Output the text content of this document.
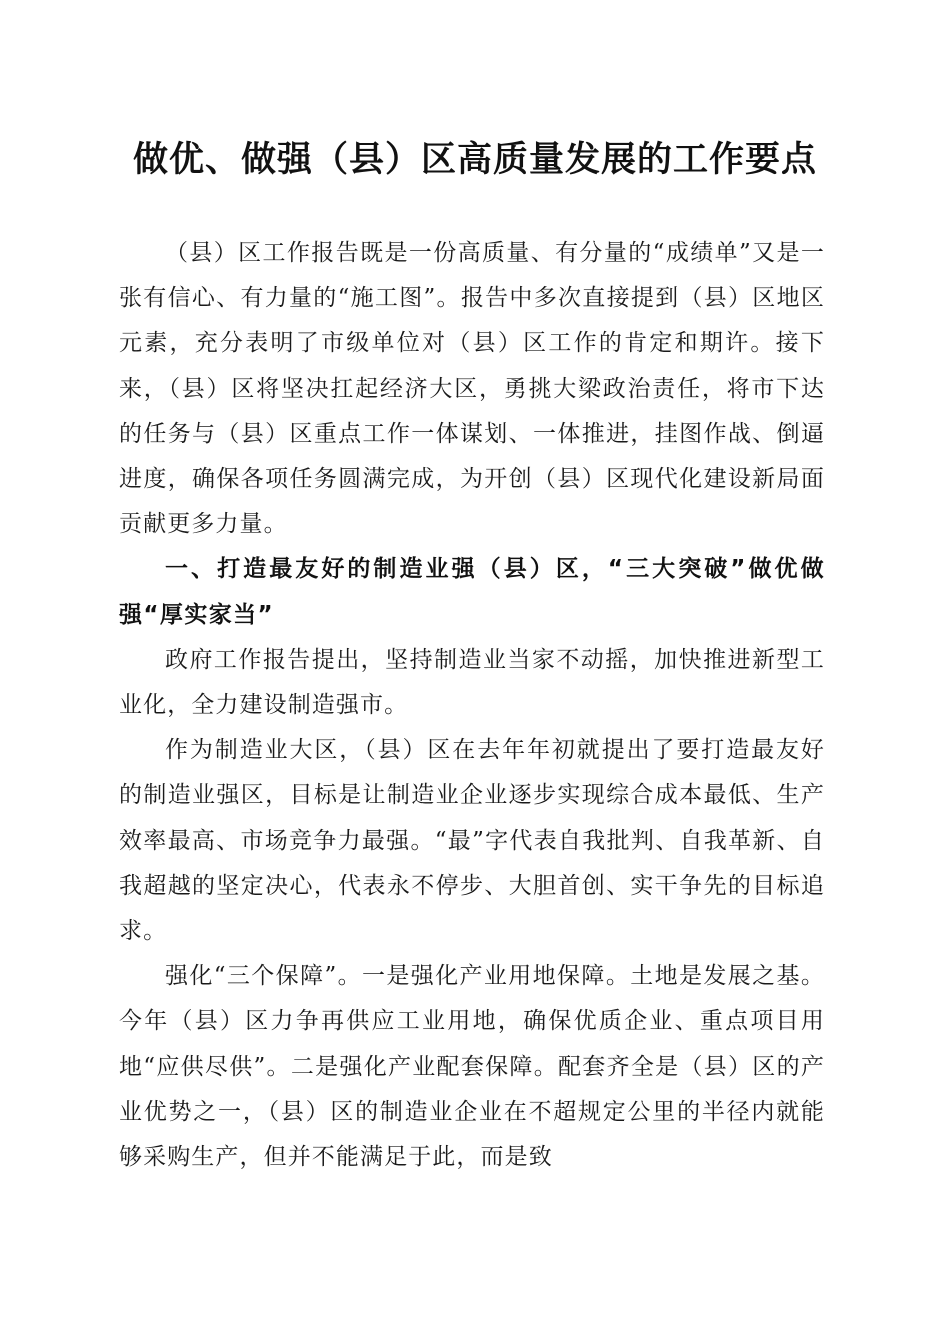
做优、做强（县）区高质量发展的工作要点

（县）区工作报告既是一份高质量、有分量的“成绩单”又是一张有信心、有力量的“施工图”。报告中多次直接提到（县）区地区元素，充分表明了市级单位对（县）区工作的肯定和期许。接下来，（县）区将坚决扛起经济大区，勇挑大梁政治责任，将市下达的任务与（县）区重点工作一体谋划、一体推进，挂图作战、倒逼进度，确保各项任务圆满完成，为开创（县）区现代化建设新局面贡献更多力量。

一、打造最友好的制造业强（县）区，“三大突破”做优做强“厚实家当”

政府工作报告提出，坚持制造业当家不动摇，加快推进新型工业化，全力建设制造强市。

作为制造业大区，（县）区在去年年初就提出了要打造最友好的制造业强区，目标是让制造业企业逐步实现综合成本最低、生产效率最高、市场竞争力最强。“最”字代表自我批判、自我革新、自我超越的坚定决心，代表永不停步、大胆首创、实干争先的目标追求。

强化“三个保障”。一是强化产业用地保障。土地是发展之基。今年（县）区力争再供应工业用地，确保优质企业、重点项目用地“应供尽供”。二是强化产业配套保障。配套齐全是（县）区的产业优势之一，（县）区的制造业企业在不超规定公里的半径内就能够采购生产，但并不能满足于此，而是致
